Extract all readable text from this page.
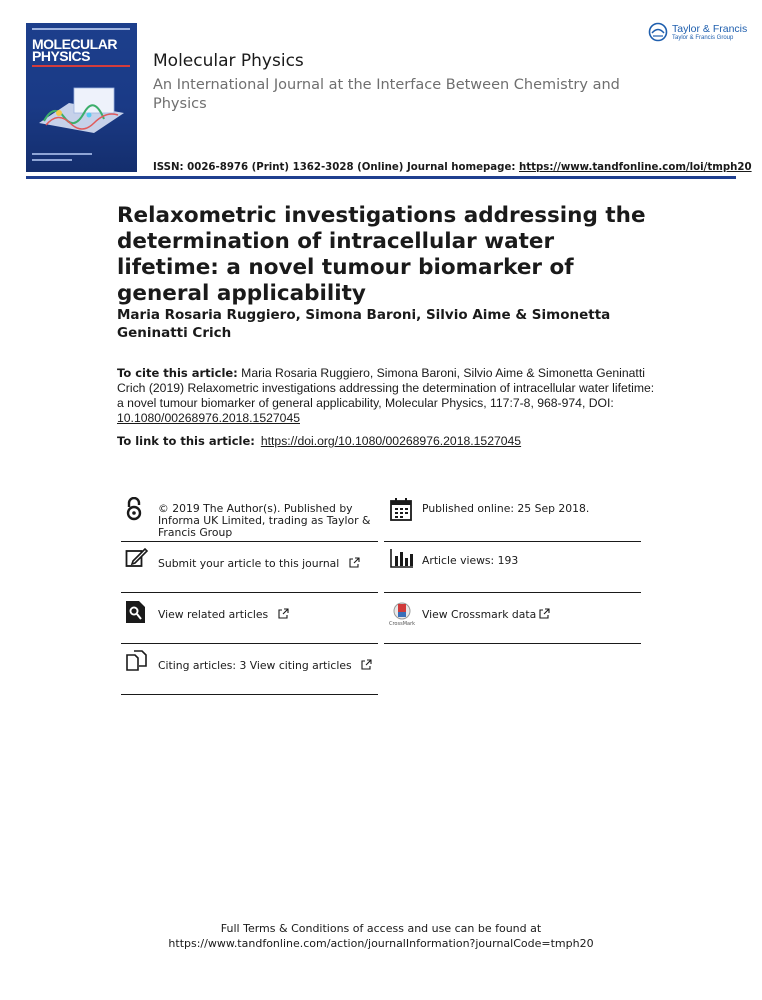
MOLECULAR
PHYSICS	Molecular Physics
An International Journal at the Interface Between Chemistry and Physics
ISSN: 0026-8976 (Print) 1362-3028 (Online) Journal homepage: https://www.tandfonline.com/loi/tmph20
Taylor & Francis
Taylor & Francis Group
Relaxometric investigations addressing the determination of intracellular water lifetime: a novel tumour biomarker of general applicability
Maria Rosaria Ruggiero, Simona Baroni, Silvio Aime & Simonetta Geninatti Crich
To cite this article: Maria Rosaria Ruggiero, Simona Baroni, Silvio Aime & Simonetta Geninatti Crich (2019) Relaxometric investigations addressing the determination of intracellular water lifetime: a novel tumour biomarker of general applicability, Molecular Physics, 117:7-8, 968-974, DOI: 10.1080/00268976.2018.1527045
To link to this article: https://doi.org/10.1080/00268976.2018.1527045
© 2019 The Author(s). Published by Informa UK Limited, trading as Taylor & Francis Group
Submit your article to this journal
View related articles
Citing articles: 3 View citing articles
Published online: 25 Sep 2018.
Article views: 193
CrossMark
View Crossmark data
Full Terms & Conditions of access and use can be found at
https://www.tandfonline.com/action/journalInformation?journalCode=tmph20
